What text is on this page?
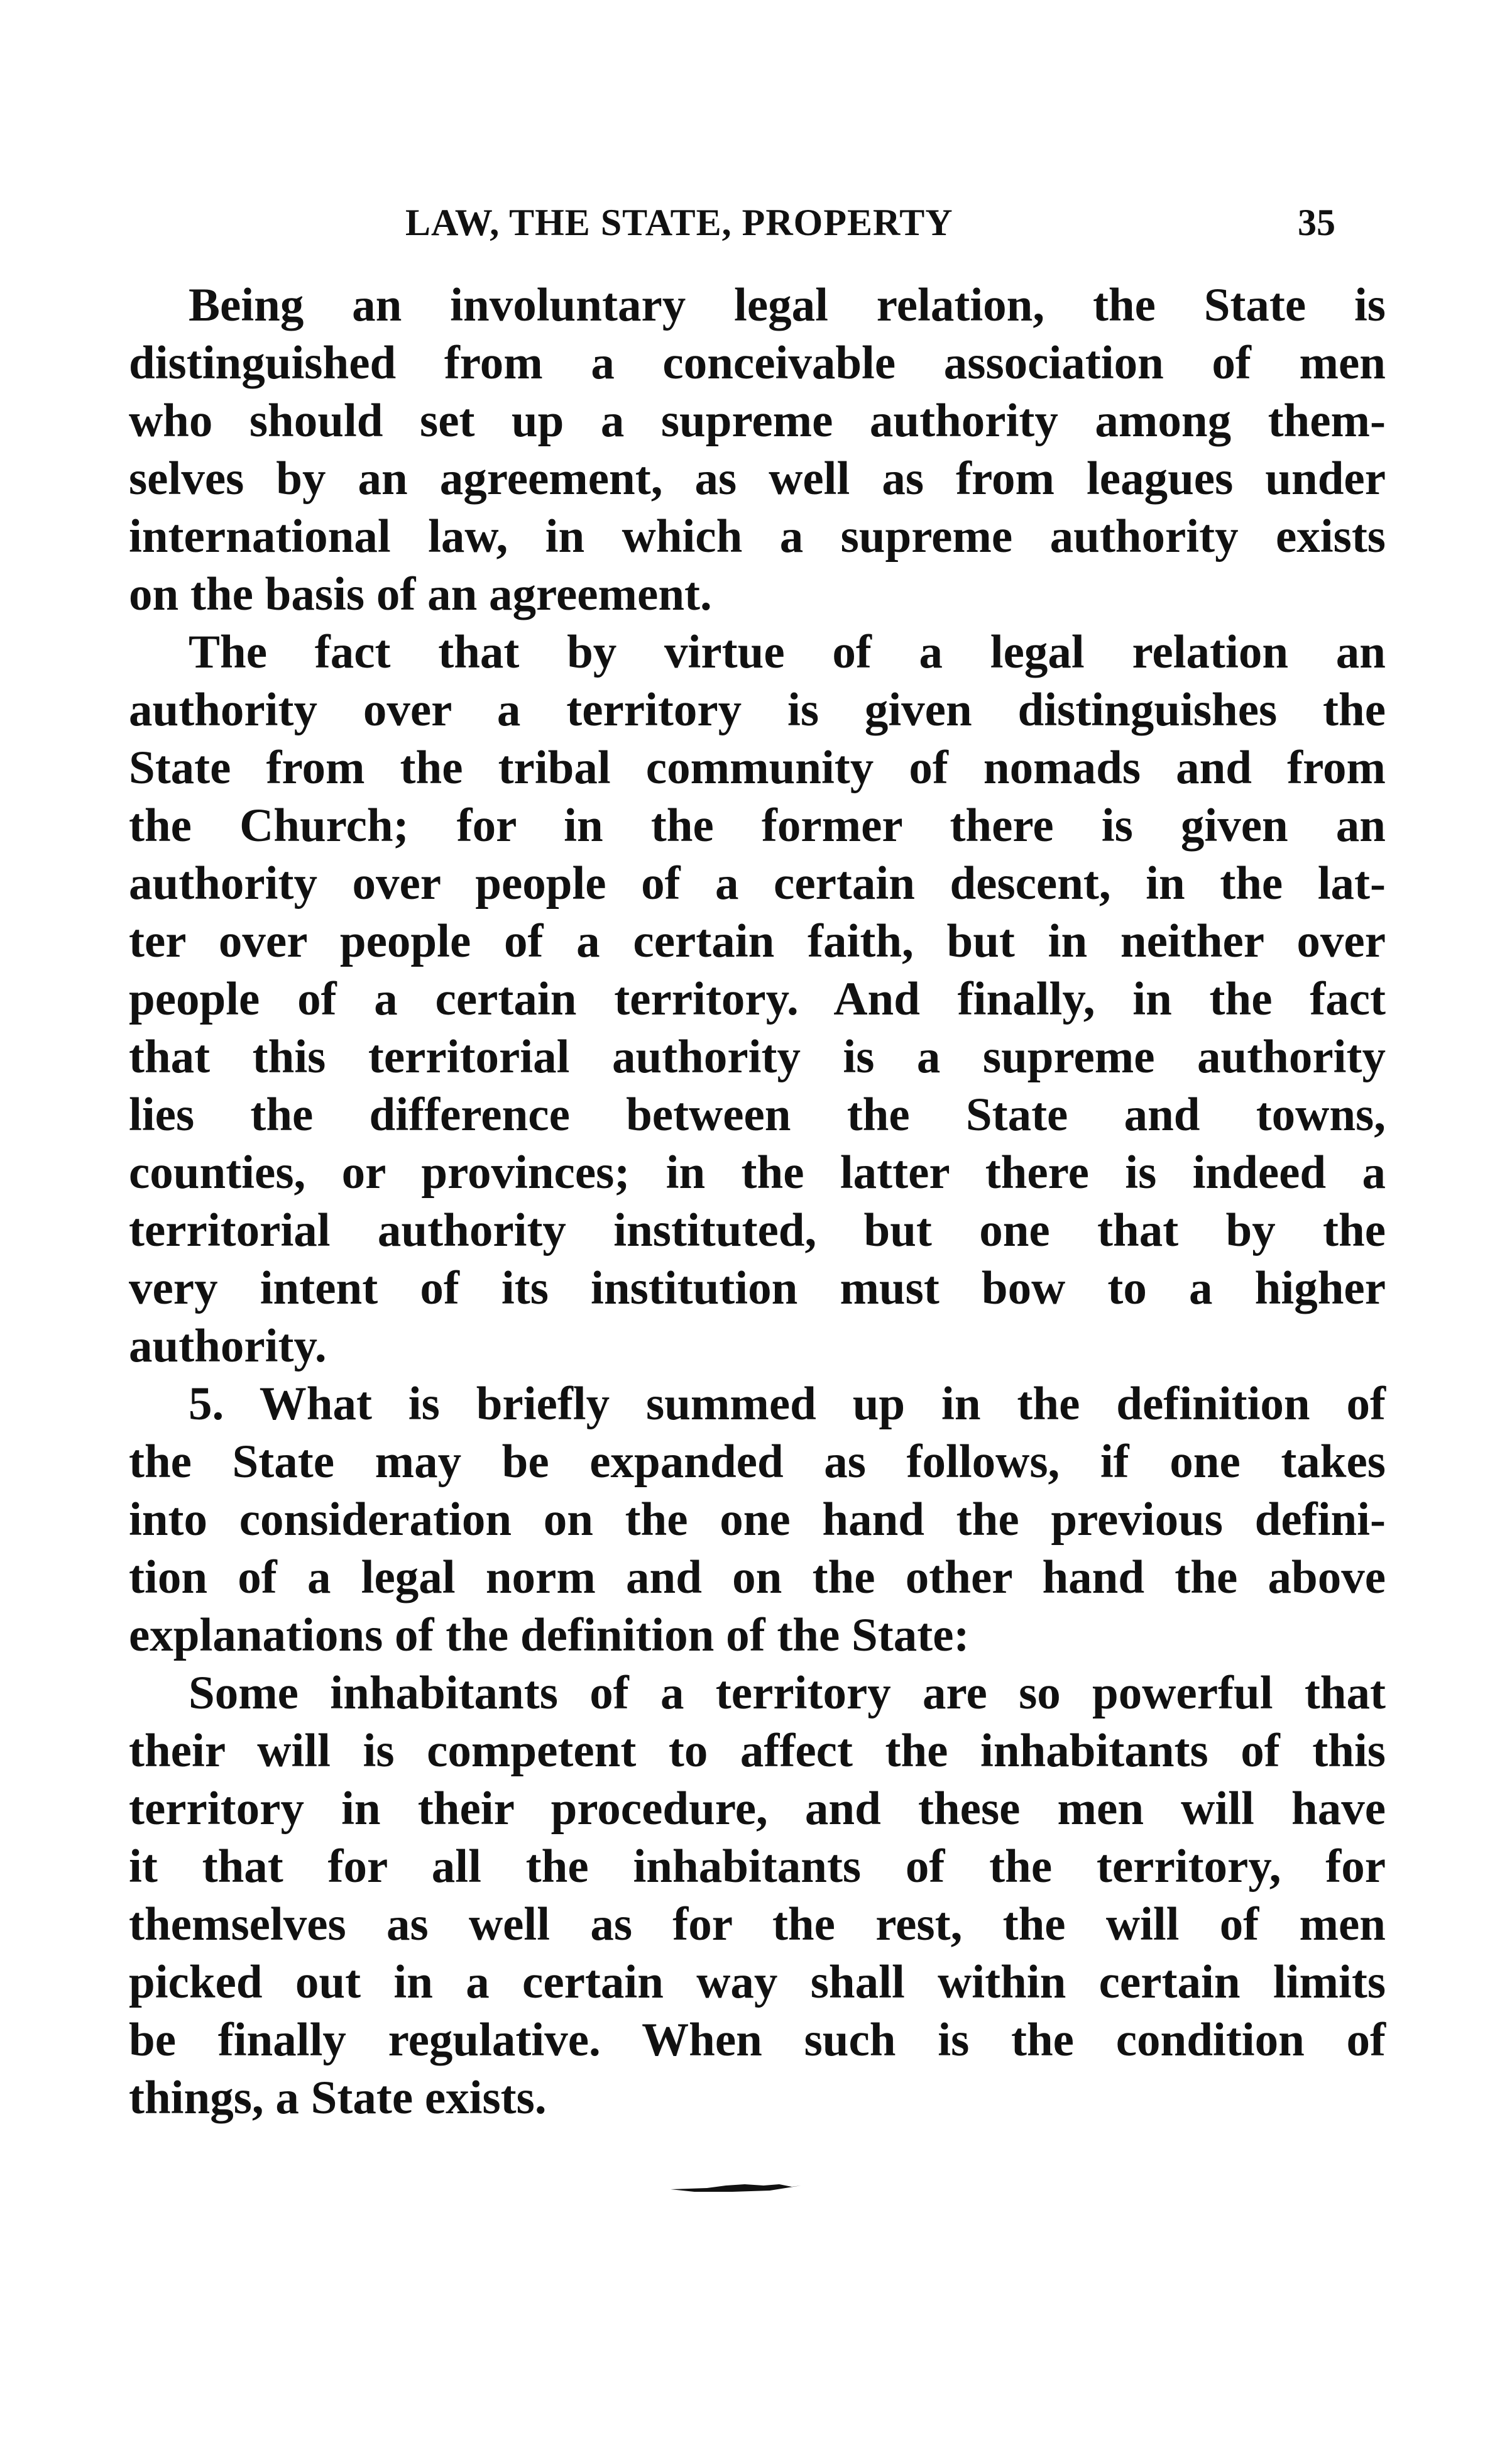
LAW, THE STATE, PROPERTY	35
Being an involuntary legal relation, the State is
distinguished from a conceivable association of men
who should set up a supreme authority among them-
selves by an agreement, as well as from leagues under
international law, in which a supreme authority exists
on the basis of an agreement.
The fact that by virtue of a legal relation an
authority over a territory is given distinguishes the
State from the tribal community of nomads and from
the Church; for in the former there is given an
authority over people of a certain descent, in the lat-
ter over people of a certain faith, but in neither over
people of a certain territory. And finally, in the fact
that this territorial authority is a supreme authority
lies the difference between the State and towns,
counties, or provinces; in the latter there is indeed a
territorial authority instituted, but one that by the
very intent of its institution must bow to a higher
authority.
5. What is briefly summed up in the definition of
the State may be expanded as follows, if one takes
into consideration on the one hand the previous defini-
tion of a legal norm and on the other hand the above
explanations of the definition of the State:
Some inhabitants of a territory are so powerful that
their will is competent to affect the inhabitants of this
territory in their procedure, and these men will have
it that for all the inhabitants of the territory, for
themselves as well as for the rest, the will of men
picked out in a certain way shall within certain limits
be finally regulative. When such is the condition of
things, a State exists.
